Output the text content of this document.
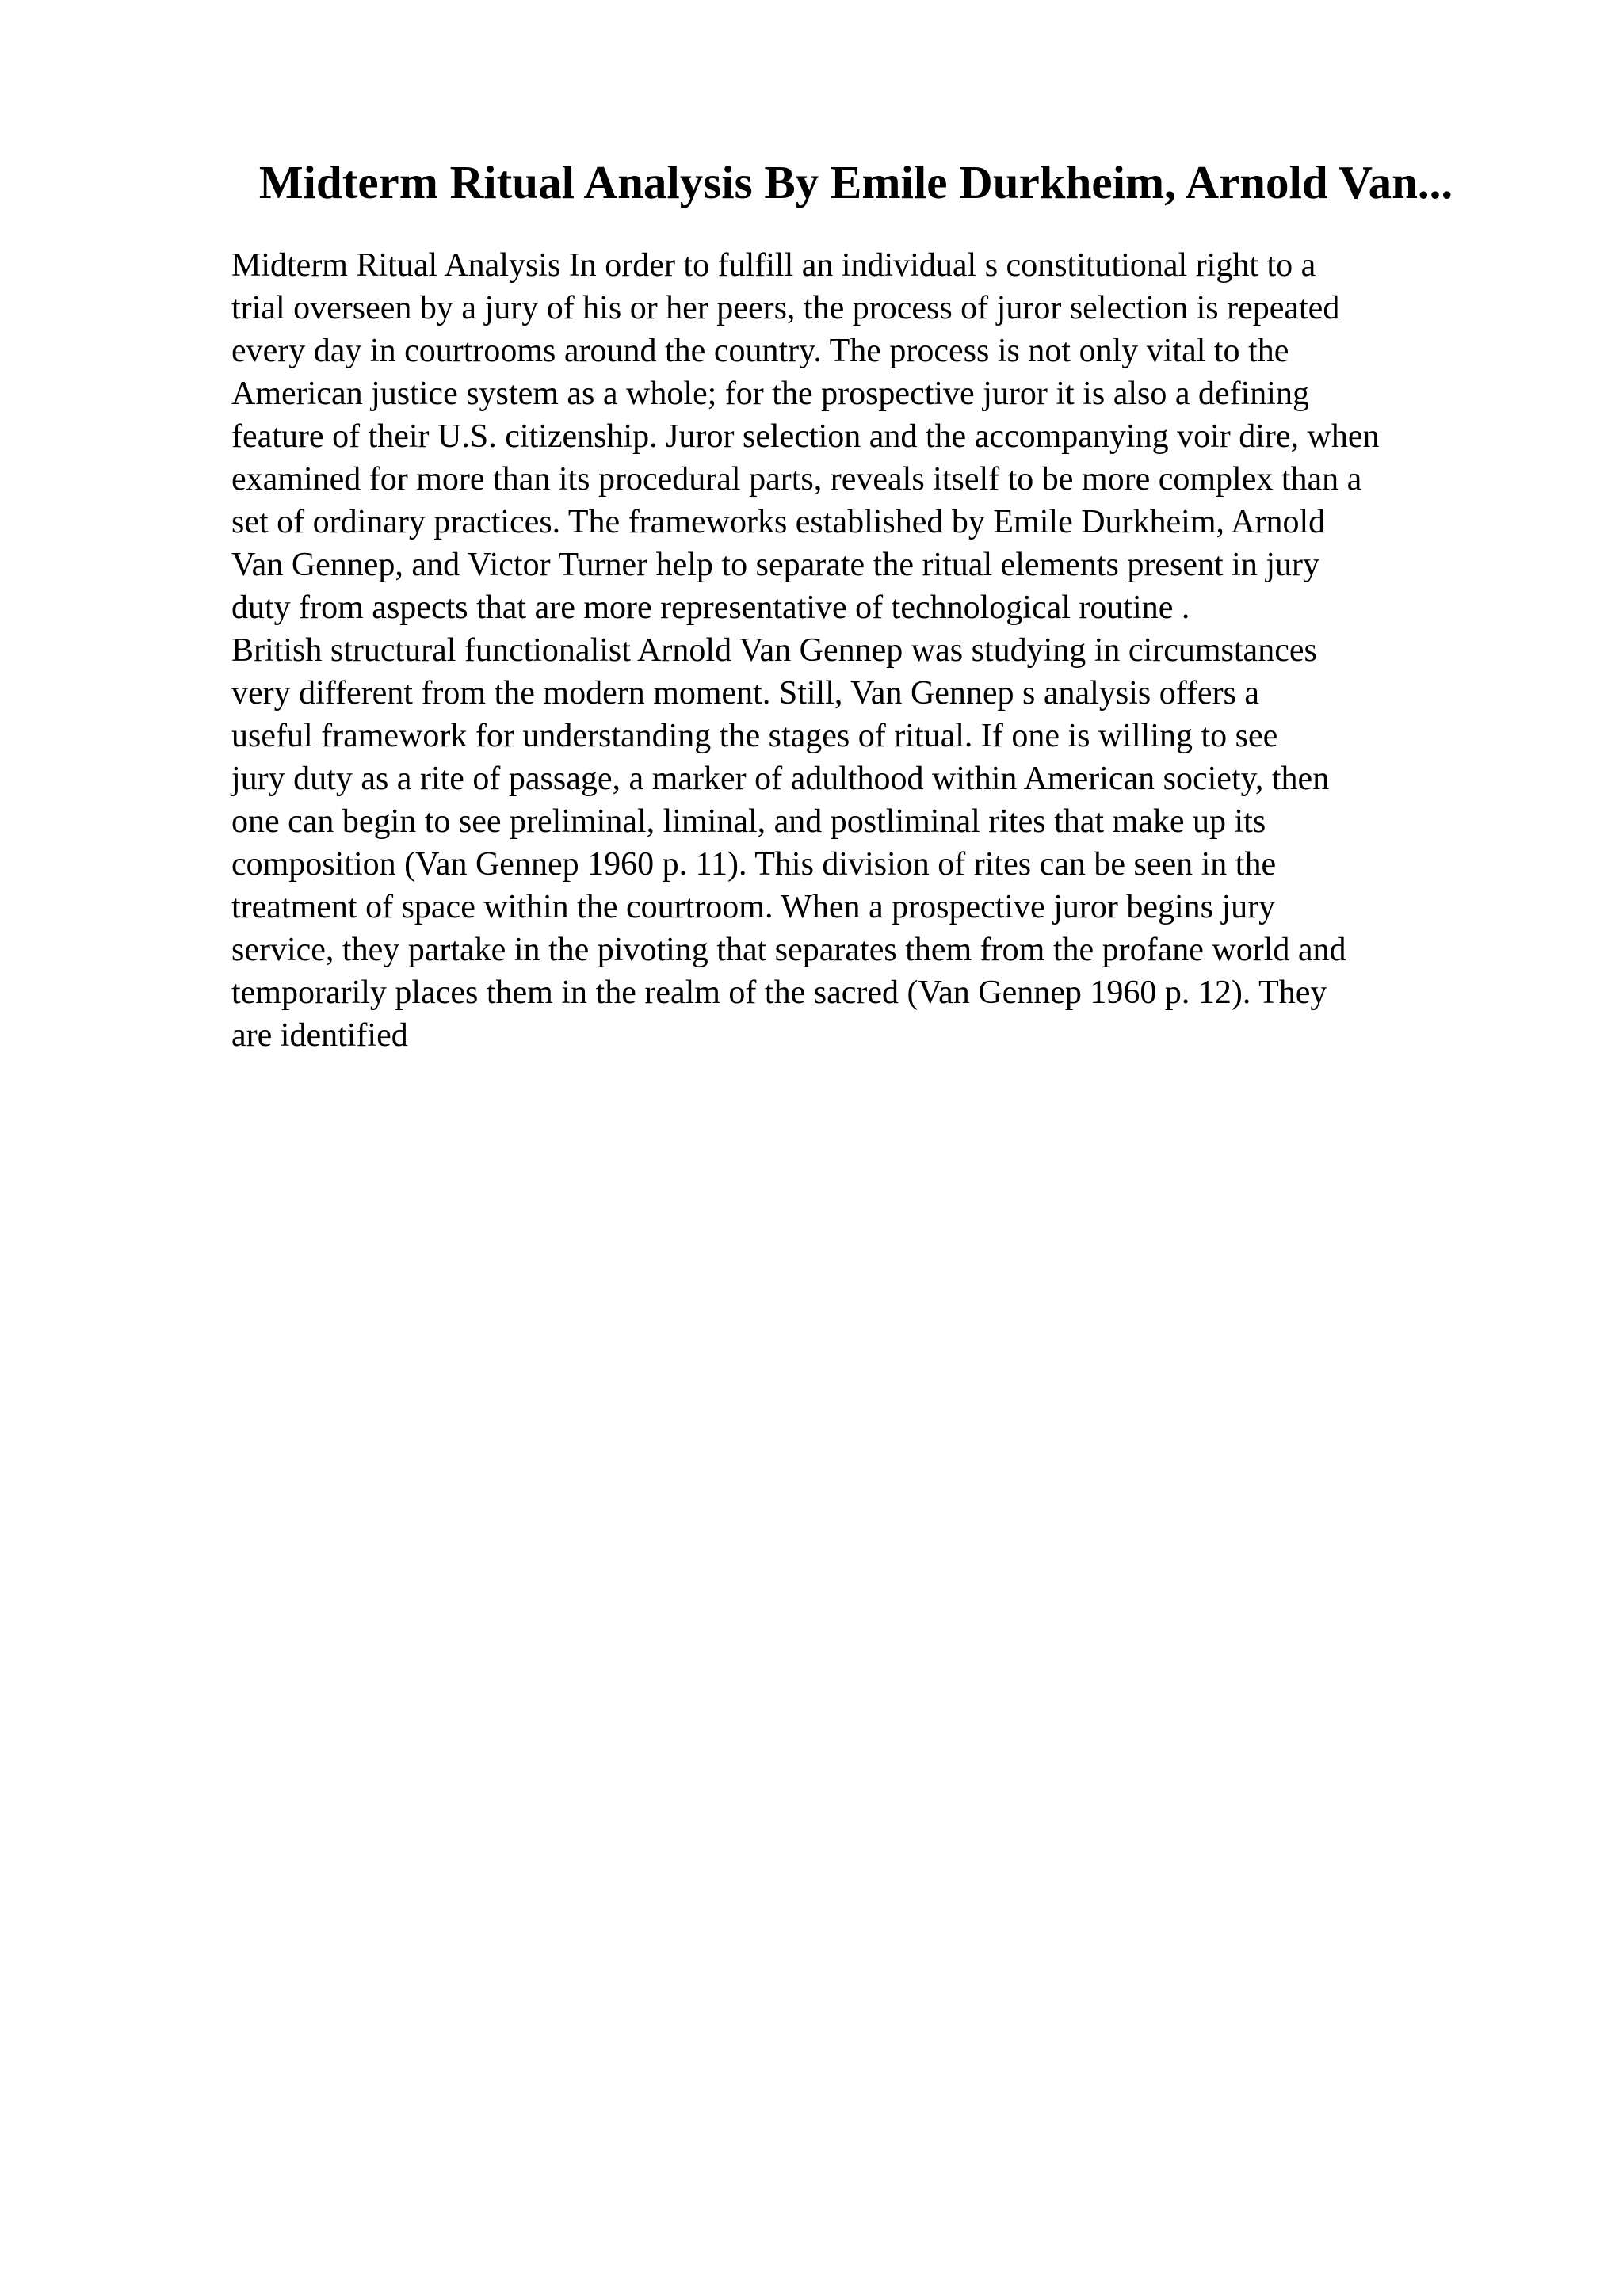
Midterm Ritual Analysis By Emile Durkheim, Arnold Van...
Midterm Ritual Analysis In order to fulfill an individual s constitutional right to a
trial overseen by a jury of his or her peers, the process of juror selection is repeated
every day in courtrooms around the country. The process is not only vital to the
American justice system as a whole; for the prospective juror it is also a defining
feature of their U.S. citizenship. Juror selection and the accompanying voir dire, when
examined for more than its procedural parts, reveals itself to be more complex than a
set of ordinary practices. The frameworks established by Emile Durkheim, Arnold
Van Gennep, and Victor Turner help to separate the ritual elements present in jury
duty from aspects that are more representative of technological routine .
British structural functionalist Arnold Van Gennep was studying in circumstances
very different from the modern moment. Still, Van Gennep s analysis offers a
useful framework for understanding the stages of ritual. If one is willing to see
jury duty as a rite of passage, a marker of adulthood within American society, then
one can begin to see preliminal, liminal, and postliminal rites that make up its
composition (Van Gennep 1960 p. 11). This division of rites can be seen in the
treatment of space within the courtroom. When a prospective juror begins jury
service, they partake in the pivoting that separates them from the profane world and
temporarily places them in the realm of the sacred (Van Gennep 1960 p. 12). They
are identified
